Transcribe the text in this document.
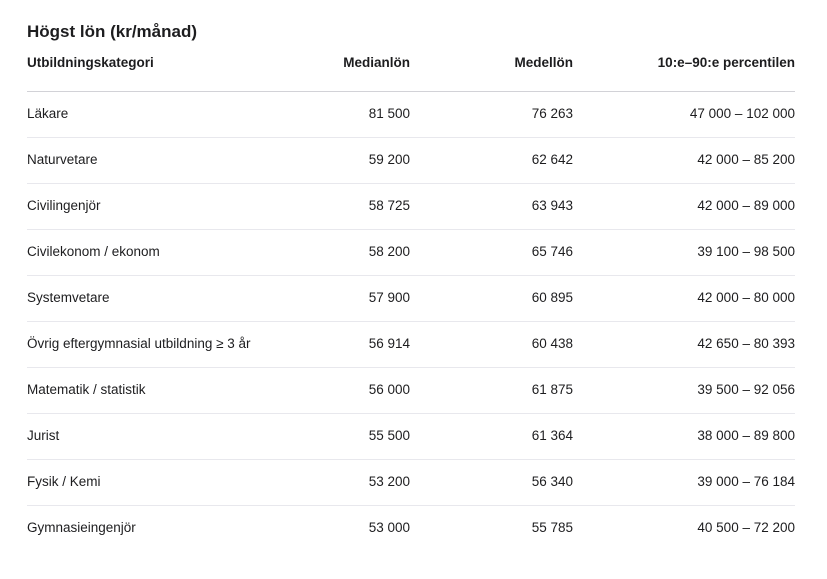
Högst lön (kr/månad)
Utbildningskategori	Medianlön	Medellön	10:e–90:e percentilen
Läkare	81 500	76 263	47 000 – 102 000
Naturvetare	59 200	62 642	42 000 – 85 200
Civilingenjör	58 725	63 943	42 000 – 89 000
Civilekonom / ekonom	58 200	65 746	39 100 – 98 500
Systemvetare	57 900	60 895	42 000 – 80 000
Övrig eftergymnasial utbildning ≥ 3 år	56 914	60 438	42 650 – 80 393
Matematik / statistik	56 000	61 875	39 500 – 92 056
Jurist	55 500	61 364	38 000 – 89 800
Fysik / Kemi	53 200	56 340	39 000 – 76 184
Gymnasieingenjör	53 000	55 785	40 500 – 72 200
